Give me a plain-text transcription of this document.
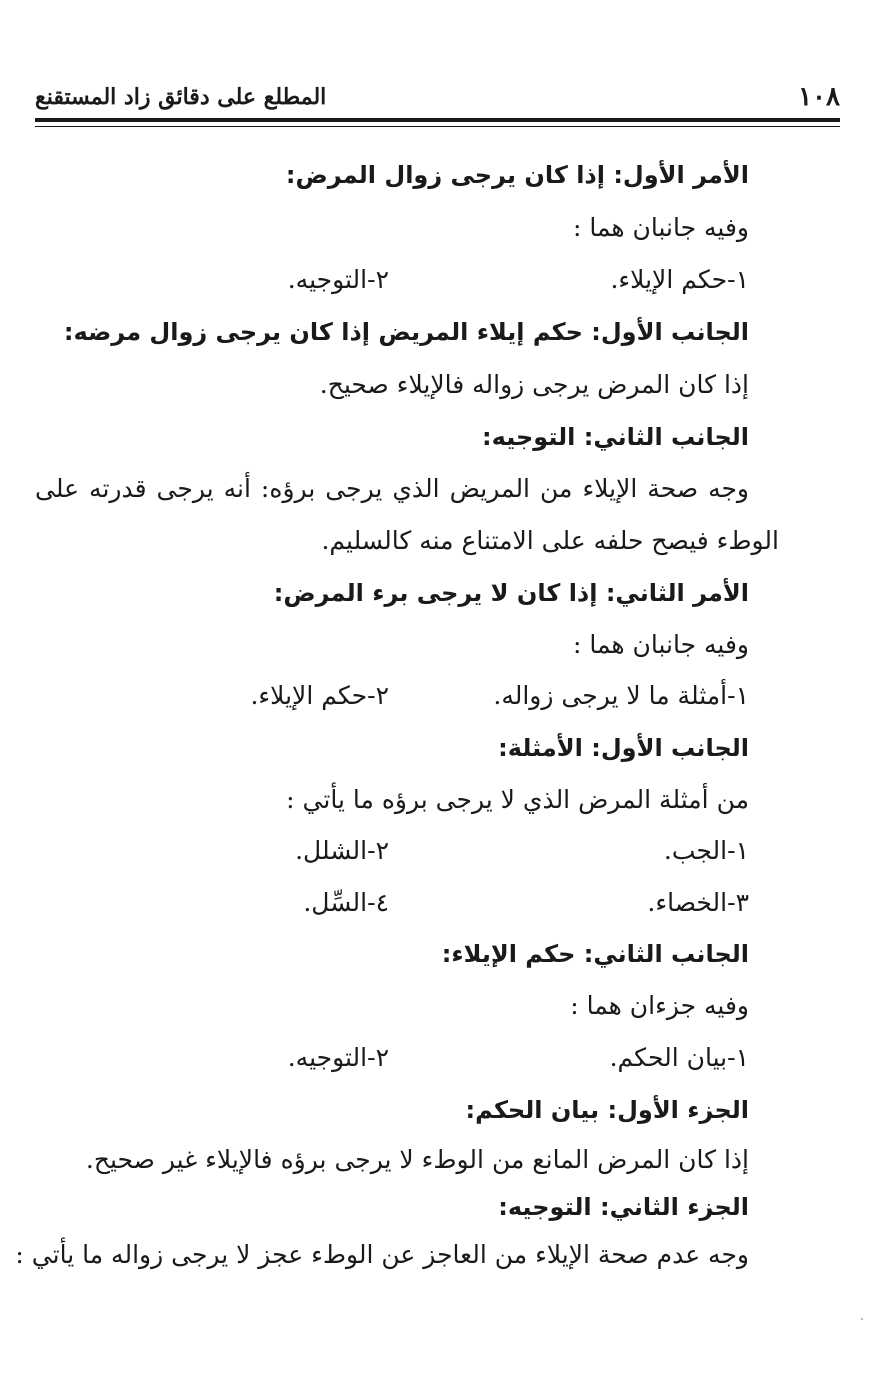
١٠٨
المطلع على دقائق زاد المستقنع
الأمر الأول: إذا كان يرجى زوال المرض:
وفيه جانبان هما :
١-حكم الإيلاء.
٢-التوجيه.
الجانب الأول: حكم إيلاء المريض إذا كان يرجى زوال مرضه:
إذا كان المرض يرجى زواله فالإيلاء صحيح.
الجانب الثاني: التوجيه:
وجه صحة الإيلاء من المريض الذي يرجى برؤه: أنه يرجى قدرته على
الوطء فيصح حلفه على الامتناع منه كالسليم.
الأمر الثاني: إذا كان لا يرجى برء المرض:
وفيه جانبان هما :
١-أمثلة ما لا يرجى زواله.
٢-حكم الإيلاء.
الجانب الأول: الأمثلة:
من أمثلة المرض الذي لا يرجى برؤه ما يأتي :
١-الجب.
٢-الشلل.
٣-الخصاء.
٤-السِّل.
الجانب الثاني: حكم الإيلاء:
وفيه جزءان هما :
١-بيان الحكم.
٢-التوجيه.
الجزء الأول: بيان الحكم:
إذا كان المرض المانع من الوطء لا يرجى برؤه فالإيلاء غير صحيح.
الجزء الثاني: التوجيه:
وجه عدم صحة الإيلاء من العاجز عن الوطء عجز لا يرجى زواله ما يأتي :
